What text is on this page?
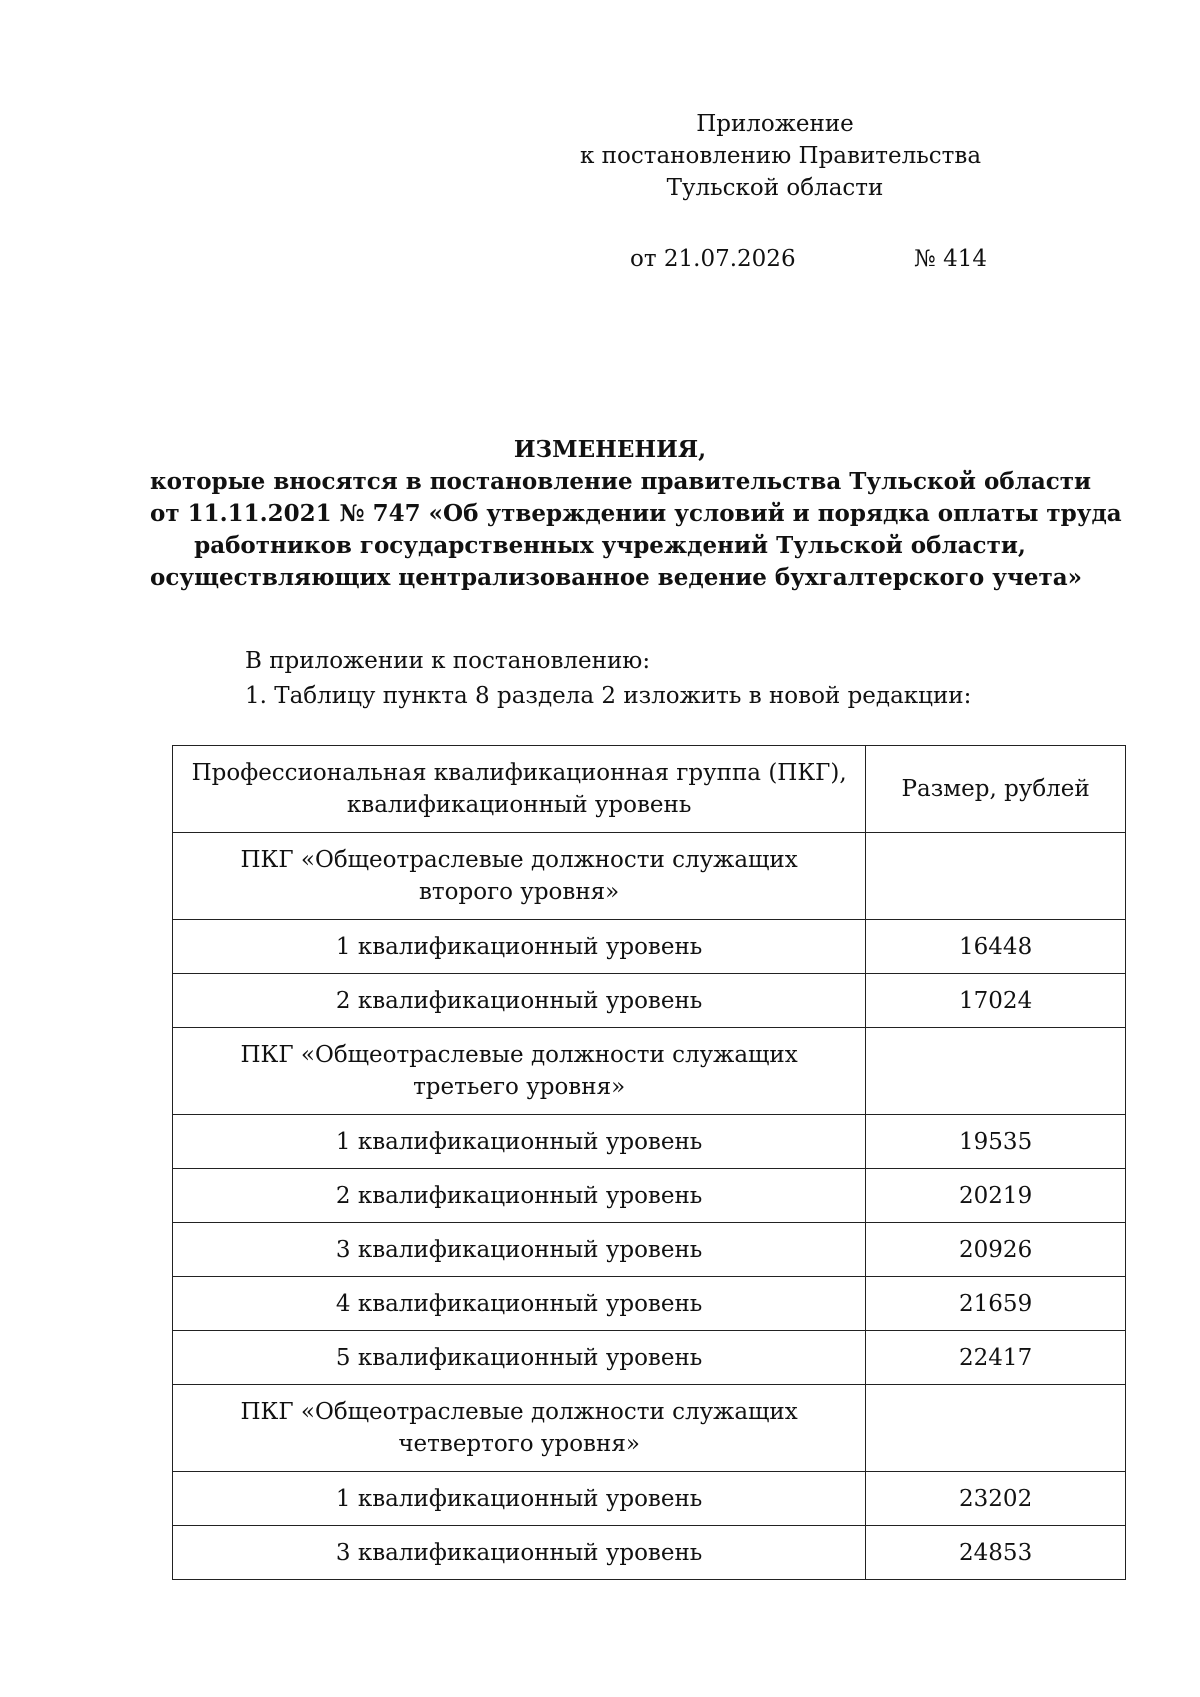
Приложение
к постановлению Правительства
Тульской области
от 21.07.2026	№ 414
ИЗМЕНЕНИЯ,
которые вносятся в постановление правительства Тульской области
от 11.11.2021 № 747 «Об утверждении условий и порядка оплаты труда
работников государственных учреждений Тульской области,
осуществляющих централизованное ведение бухгалтерского учета»
В приложении к постановлению:
1. Таблицу пункта 8 раздела 2 изложить в новой редакции:
Профессиональная квалификационная группа (ПКГ),
квалификационный уровень	Размер, рублей
ПКГ «Общеотраслевые должности служащих
второго уровня»	
1 квалификационный уровень	16448
2 квалификационный уровень	17024
ПКГ «Общеотраслевые должности служащих
третьего уровня»	
1 квалификационный уровень	19535
2 квалификационный уровень	20219
3 квалификационный уровень	20926
4 квалификационный уровень	21659
5 квалификационный уровень	22417
ПКГ «Общеотраслевые должности служащих
четвертого уровня»	
1 квалификационный уровень	23202
3 квалификационный уровень	24853
